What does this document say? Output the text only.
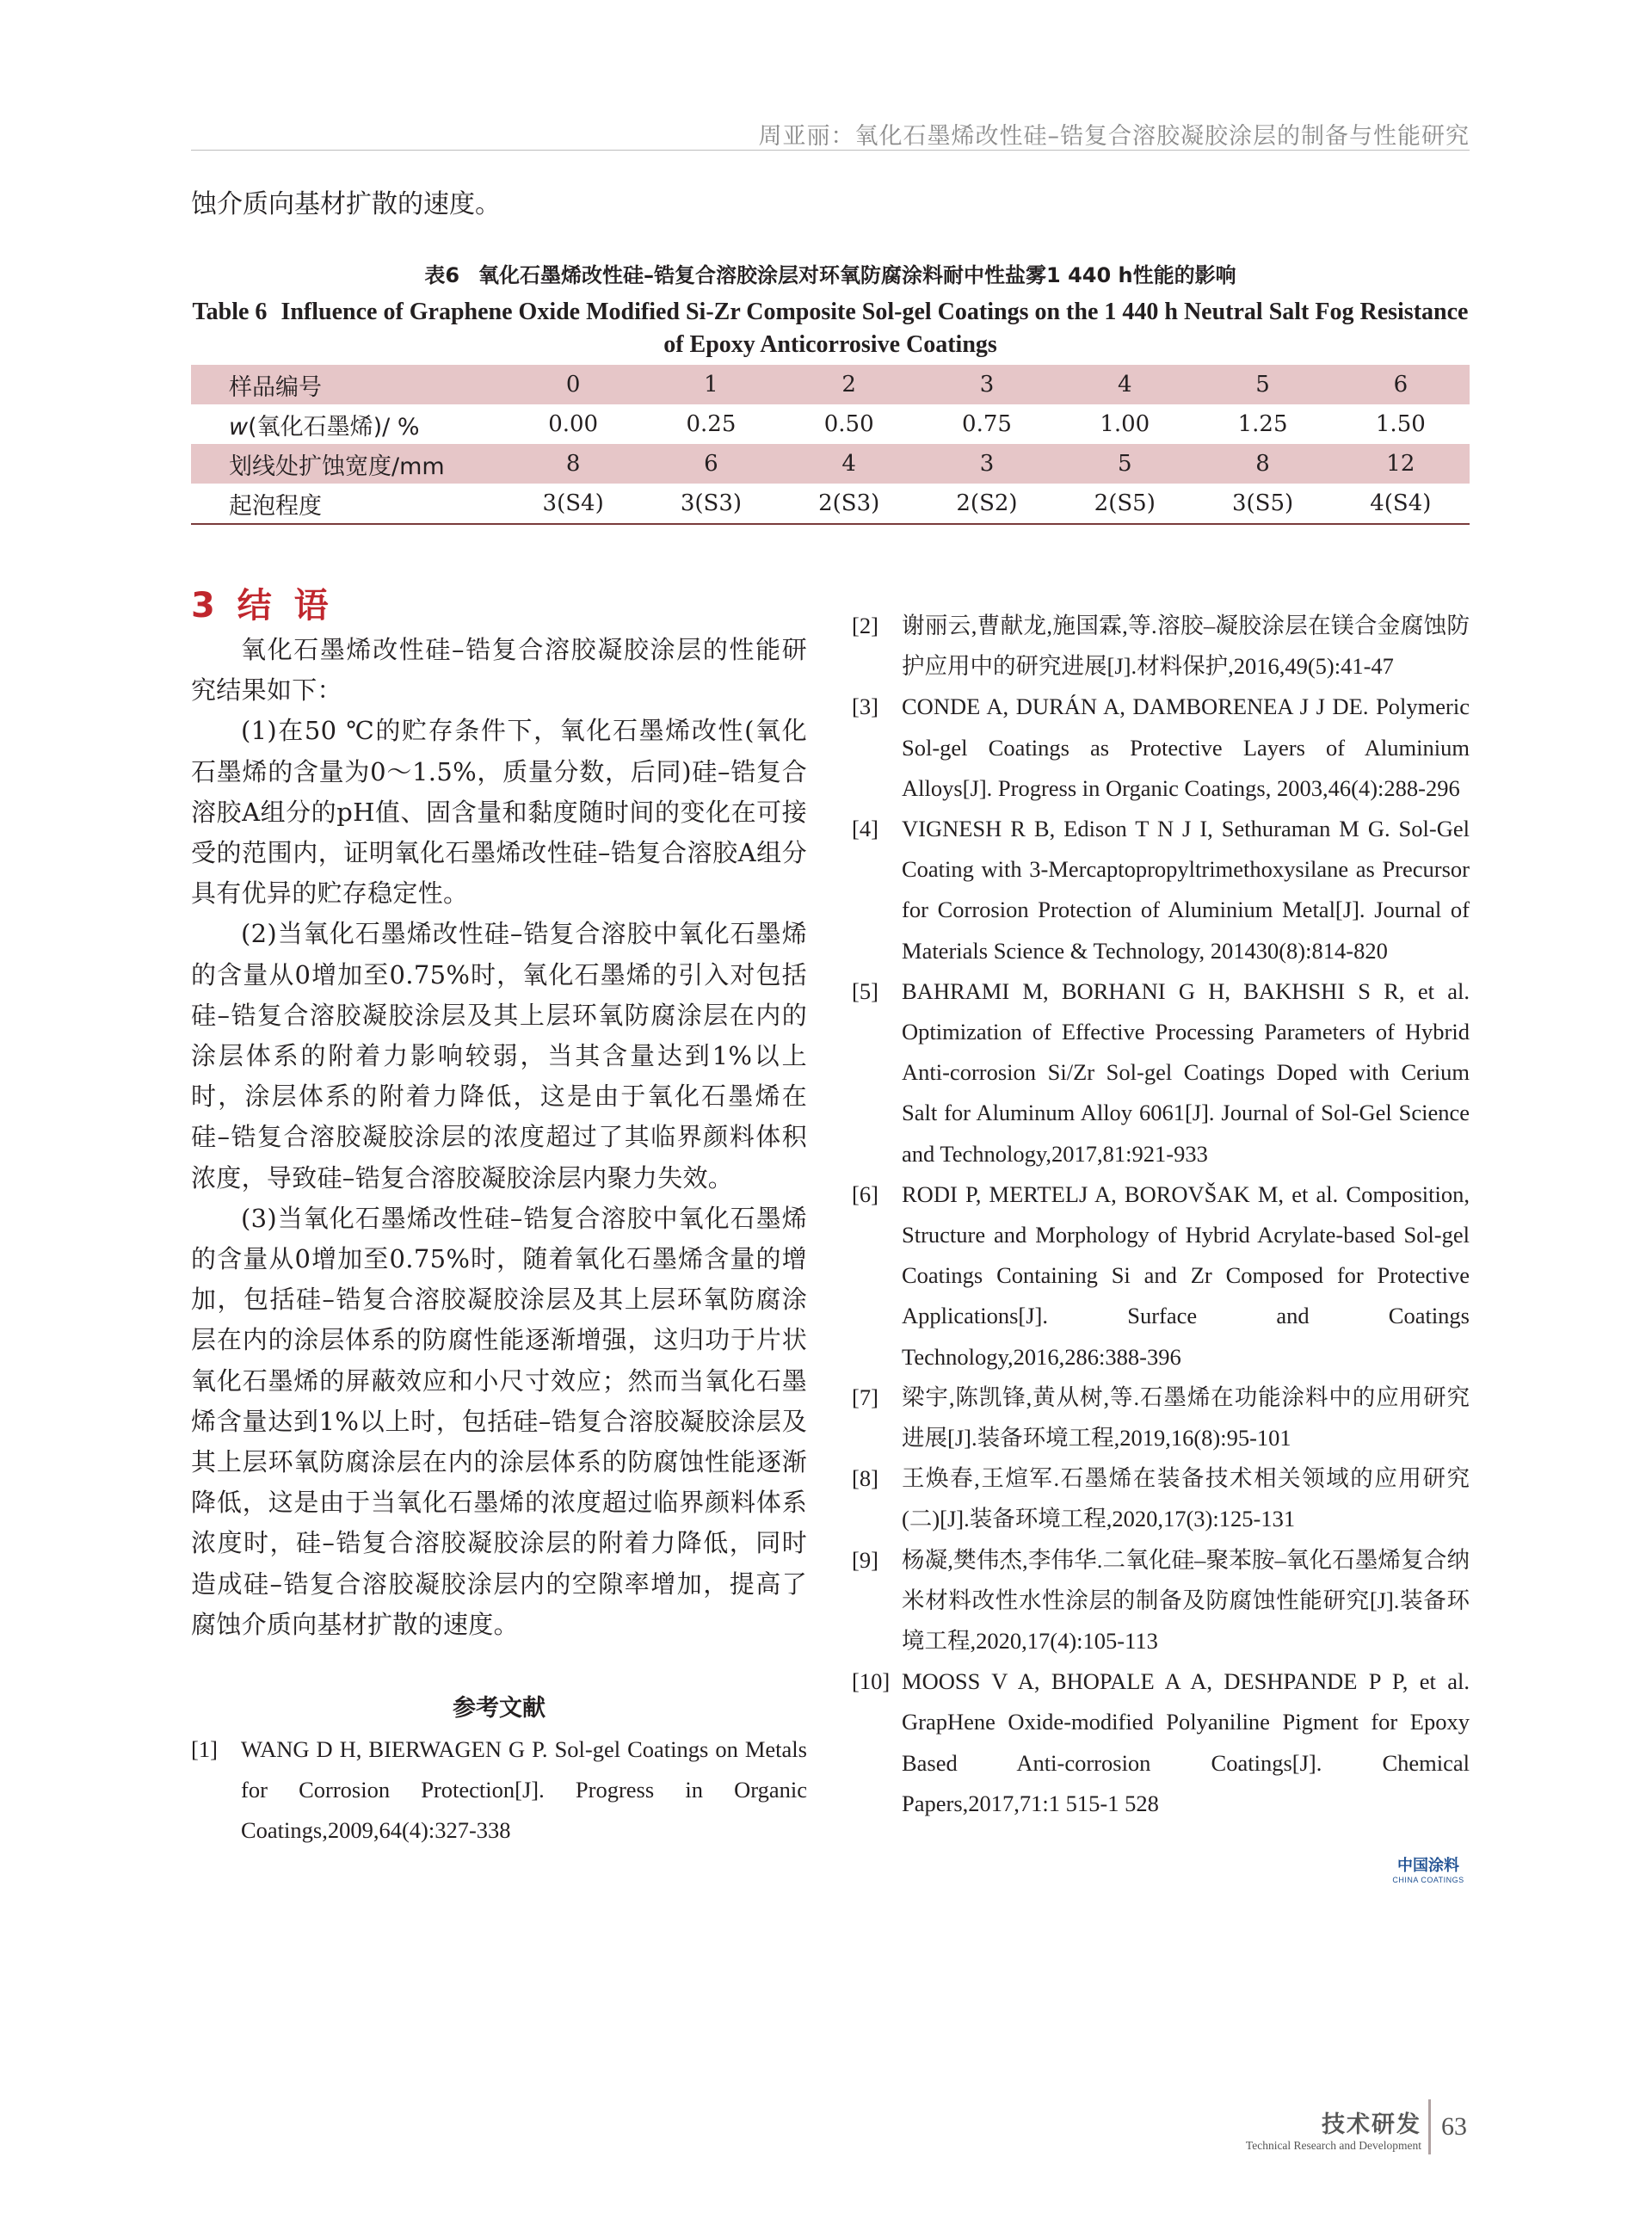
周亚丽：氧化石墨烯改性硅–锆复合溶胶凝胶涂层的制备与性能研究
蚀介质向基材扩散的速度。
表6 氧化石墨烯改性硅–锆复合溶胶涂层对环氧防腐涂料耐中性盐雾1 440 h性能的影响
Table 6 Influence of Graphene Oxide Modified Si-Zr Composite Sol-gel Coatings on the 1 440 h Neutral Salt Fog Resistance of Epoxy Anticorrosive Coatings
样品编号	0	1	2	3	4	5	6
w(氧化石墨烯)/ %	0.00	0.25	0.50	0.75	1.00	1.25	1.50
划线处扩蚀宽度/mm	8	6	4	3	5	8	12
起泡程度	3(S4)	3(S3)	2(S3)	2(S2)	2(S5)	3(S5)	4(S4)
3 结 语

氧化石墨烯改性硅–锆复合溶胶凝胶涂层的性能研究结果如下：

(1)在50 ℃的贮存条件下，氧化石墨烯改性(氧化石墨烯的含量为0～1.5%，质量分数，后同)硅–锆复合溶胶A组分的pH值、固含量和黏度随时间的变化在可接受的范围内，证明氧化石墨烯改性硅–锆复合溶胶A组分具有优异的贮存稳定性。

(2)当氧化石墨烯改性硅–锆复合溶胶中氧化石墨烯的含量从0增加至0.75%时，氧化石墨烯的引入对包括硅–锆复合溶胶凝胶涂层及其上层环氧防腐涂层在内的涂层体系的附着力影响较弱，当其含量达到1%以上时，涂层体系的附着力降低，这是由于氧化石墨烯在硅–锆复合溶胶凝胶涂层的浓度超过了其临界颜料体积浓度，导致硅–锆复合溶胶凝胶涂层内聚力失效。

(3)当氧化石墨烯改性硅–锆复合溶胶中氧化石墨烯的含量从0增加至0.75%时，随着氧化石墨烯含量的增加，包括硅–锆复合溶胶凝胶涂层及其上层环氧防腐涂层在内的涂层体系的防腐性能逐渐增强，这归功于片状氧化石墨烯的屏蔽效应和小尺寸效应；然而当氧化石墨烯含量达到1%以上时，包括硅–锆复合溶胶凝胶涂层及其上层环氧防腐涂层在内的涂层体系的防腐蚀性能逐渐降低，这是由于当氧化石墨烯的浓度超过临界颜料体系浓度时，硅–锆复合溶胶凝胶涂层的附着力降低，同时造成硅–锆复合溶胶凝胶涂层内的空隙率增加，提高了腐蚀介质向基材扩散的速度。

参考文献
[1]	WANG D H, BIERWAGEN G P. Sol-gel Coatings on Metals for Corrosion Protection[J]. Progress in Organic Coatings,2009,64(4):327-338
[2]	谢丽云,曹献龙,施国霖,等.溶胶–凝胶涂层在镁合金腐蚀防护应用中的研究进展[J].材料保护,2016,49(5):41-47
[3]	CONDE A, DURÁN A, DAMBORENEA J J DE. Polymeric Sol-gel Coatings as Protective Layers of Aluminium Alloys[J]. Progress in Organic Coatings, 2003,46(4):288-296
[4]	VIGNESH R B, Edison T N J I, Sethuraman M G. Sol-Gel Coating with 3-Mercaptopropyltrimethoxysilane as Precursor for Corrosion Protection of Aluminium Metal[J]. Journal of Materials Science & Technology, 201430(8):814-820
[5]	BAHRAMI M, BORHANI G H, BAKHSHI S R, et al. Optimization of Effective Processing Parameters of Hybrid Anti-corrosion Si/Zr Sol-gel Coatings Doped with Cerium Salt for Aluminum Alloy 6061[J]. Journal of Sol-Gel Science and Technology,2017,81:921-933
[6]	RODI P, MERTELJ A, BOROVŠAK M, et al. Composition, Structure and Morphology of Hybrid Acrylate-based Sol-gel Coatings Containing Si and Zr Composed for Protective Applications[J]. Surface and Coatings Technology,2016,286:388-396
[7]	梁宇,陈凯锋,黄从树,等.石墨烯在功能涂料中的应用研究进展[J].装备环境工程,2019,16(8):95-101
[8]	王焕春,王煊军.石墨烯在装备技术相关领域的应用研究(二)[J].装备环境工程,2020,17(3):125-131
[9]	杨凝,樊伟杰,李伟华.二氧化硅–聚苯胺–氧化石墨烯复合纳米材料改性水性涂层的制备及防腐蚀性能研究[J].装备环境工程,2020,17(4):105-113
[10] MOOSS V A, BHOPALE A A, DESHPANDE P P, et al. GrapHene Oxide-modified Polyaniline Pigment for Epoxy Based Anti-corrosion Coatings[J]. Chemical Papers,2017,71:1 515-1 528
中国涂料
CHINA COATINGS
技术研发
Technical Research and Development
63
